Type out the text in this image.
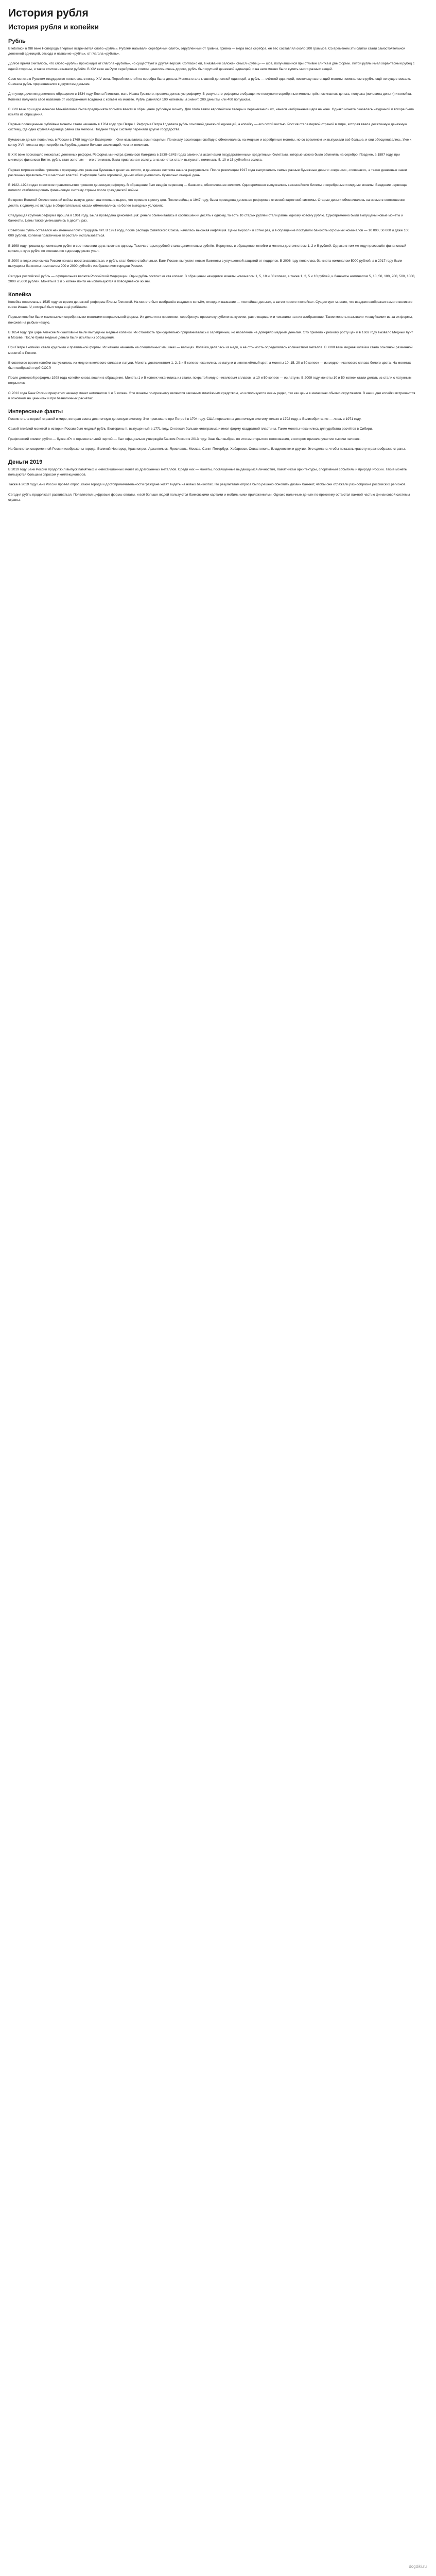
История рубля
История рубля и копейки
Рубль

В letописи в XIII веке Новгорода впервые встречается слово «рубль». Рублём называли серебряный слиток, отрубленный от гривны. Гривна — мера веса серебра, её вес составлял около 200 граммов. Со временем эти слитки стали самостоятельной денежной единицей, отсюда и название «рубль», от глагола «рубить».

Долгое время считалось, что слово «рубль» происходит от глагола «рубить», но существует и другая версия. Согласно ей, в названии заложен смысл «рубец» — шов, получавшийся при отливке слитка в две формы. Литой рубль имел характерный рубец с одной стороны, и такие слитки называли рублём. В XIV веке на Руси серебряные слитки ценились очень дорого, рубль был крупной денежной единицей, и на него можно было купить много разных вещей.

Своя монета в Русском государстве появилась в конце XIV века. Первой монетой из серебра была деньга. Монета стала главной денежной единицей, а рубль — счётной единицей, поскольку настоящий монеты номиналом в рубль ещё не существовало. Сначала рубль приравнивался к двумстам деньгам.

Для упорядочения денежного обращения в 1534 году Елена Глинская, мать Ивана Грозного, провела денежную реформу. В результате реформы в обращение поступили серебряные монеты трёх номиналов: деньга, полушка (половина деньги) и копейка. Копейка получила своё название от изображения всадника с копьём на монете. Рубль равнялся 100 копейкам, а значит, 200 деньгам или 400 полушкам.

В XVII веке при царе Алексее Михайловиче была предпринята попытка ввести в обращение рублёвую монету. Для этого взяли европейские талеры и перечеканили их, нанеся изображение царя на коне. Однако монета оказалась неудачной и вскоре была изъята из обращения.

Первые полноценные рублёвые монеты стали чеканить в 1704 году при Петре I. Реформа Петра I сделала рубль основной денежной единицей, а копейку — его сотой частью. Россия стала первой страной в мире, которая ввела десятичную денежную систему, где одна крупная единица равна ста мелким. Позднее такую систему переняли другие государства.

Бумажные деньги появились в России в 1769 году при Екатерине II. Они назывались ассигнациями. Поначалу ассигнации свободно обменивались на медные и серебряные монеты, но со временем их выпускали всё больше, и они обесценивались. Уже к концу XVIII века за один серебряный рубль давали больше ассигнаций, чем их номинал.

В XIX веке произошло несколько денежных реформ. Реформа министра финансов Канкрина в 1839–1843 годах заменила ассигнации государственными кредитными билетами, которые можно было обменять на серебро. Позднее, в 1897 году, при министре финансов Витте, рубль стал золотым — его стоимость была привязана к золоту, а на монетах стали выпускать номиналы 5, 10 и 15 рублей из золота.

Первая мировая война привела к прекращению размена бумажных денег на золото, и денежная система начала разрушаться. После революции 1917 года выпускались самые разные бумажные деньги: «керенки», «совзнаки», а также денежные знаки различных правительств и местных властей. Инфляция была огромной, деньги обесценивались буквально каждый день.

В 1922–1924 годах советское правительство провело денежную реформу. В обращение был введён червонец — банкнота, обеспеченная золотом. Одновременно выпускались казначейские билеты и серебряные и медные монеты. Введение червонца помогло стабилизировать финансовую систему страны после гражданской войны.

Во время Великой Отечественной войны выпуск денег значительно вырос, что привело к росту цен. После войны, в 1947 году, была проведена денежная реформа с отменой карточной системы. Старые деньги обменивались на новые в соотношении десять к одному, но вклады в сберегательных кассах обменивались на более выгодных условиях.

Следующая крупная реформа прошла в 1961 году. Была проведена деноминация: деньги обменивались в соотношении десять к одному, то есть 10 старых рублей стали равны одному новому рублю. Одновременно были выпущены новые монеты и банкноты. Цены также уменьшились в десять раз.

Советский рубль оставался неизменным почти тридцать лет. В 1991 году, после распада Советского Союза, началась высокая инфляция. Цены выросли в сотни раз, и в обращение поступили банкноты огромных номиналов — 10 000, 50 000 и даже 100 000 рублей. Копейки практически перестали использоваться.

В 1998 году прошла деноминация рубля в соотношении одна тысяча к одному. Тысяча старых рублей стала одним новым рублём. Вернулись в обращение копейки и монеты достоинством 1, 2 и 5 рублей. Однако в том же году произошёл финансовый кризис, и курс рубля по отношению к доллару резко упал.

В 2000-х годах экономика России начала восстанавливаться, и рубль стал более стабильным. Банк России выпустил новые банкноты с улучшенной защитой от подделок. В 2006 году появилась банкнота номиналом 5000 рублей, а в 2017 году были выпущены банкноты номиналом 200 и 2000 рублей с изображением городов России.

Сегодня российский рубль — официальная валюта Российской Федерации. Один рубль состоит из ста копеек. В обращении находятся монеты номиналом 1, 5, 10 и 50 копеек, а также 1, 2, 5 и 10 рублей, и банкноты номиналом 5, 10, 50, 100, 200, 500, 1000, 2000 и 5000 рублей. Монеты в 1 и 5 копеек почти не используются в повседневной жизни.

Копейка

Копейка появилась в 1535 году во время денежной реформы Елены Глинской. На монете был изображён всадник с копьём, отсюда и название — «копейная деньга», а затем просто «копейка». Существует мнение, что всадник изображал самого великого князя Ивана IV, который был тогда ещё ребёнком.

Первые копейки были маленькими серебряными монетами неправильной формы. Их делали из проволоки: серебряную проволоку рубили на кусочки, расплющивали и чеканили на них изображение. Такие монеты называли «чешуйками» из-за их формы, похожей на рыбью чешую.

В 1654 году при царе Алексее Михайловиче были выпущены медные копейки. Их стоимость принудительно приравнивалась к серебряным, но население не доверяло медным деньгам. Это привело к резкому росту цен и в 1662 году вызвало Медный бунт в Москве. После бунта медные деньги были изъяты из обращения.

При Петре I копейки стали круглыми и правильной формы. Их начали чеканить на специальных машинах — вальцах. Копейка делалась из меди, а её стоимость определялась количеством металла. В XVIII веке медная копейка стала основной разменной монетой в России.

В советское время копейки выпускались из медно-никелевого сплава и латуни. Монеты достоинством 1, 2, 3 и 5 копеек чеканились из латуни и имели жёлтый цвет, а монеты 10, 15, 20 и 50 копеек — из медно-никелевого сплава белого цвета. На монетах был изображён герб СССР.

После денежной реформы 1998 года копейки снова вошли в обращение. Монеты 1 и 5 копеек чеканились из стали, покрытой медно-никелевым сплавом, а 10 и 50 копеек — из латуни. В 2009 году монеты 10 и 50 копеек стали делать из стали с латунным покрытием.

С 2012 года Банк России прекратил чеканку монет номиналом 1 и 5 копеек. Эти монеты по-прежнему являются законным платёжным средством, но используются очень редко, так как цены в магазинах обычно округляются. В наши дни копейки встречаются в основном на ценниках и при безналичных расчётах.

Интересные факты

Россия стала первой страной в мире, которая ввела десятичную денежную систему. Это произошло при Петре I в 1704 году. США перешли на десятичную систему только в 1792 году, а Великобритания — лишь в 1971 году.

Самой тяжёлой монетой в истории России был медный рубль Екатерины II, выпущенный в 1771 году. Он весил больше килограмма и имел форму квадратной пластины. Такие монеты чеканились для удобства расчётов в Сибири.

Графический символ рубля — буква «Р» с горизонтальной чертой — был официально утверждён Банком России в 2013 году. Знак был выбран по итогам открытого голосования, в котором приняли участие тысячи человек.

На банкнотах современной России изображены города: Великий Новгород, Красноярск, Архангельск, Ярославль, Москва, Санкт-Петербург, Хабаровск, Севастополь, Владивосток и другие. Это сделано, чтобы показать красоту и разнообразие страны.

Деньги 2019

В 2019 году Банк России продолжил выпуск памятных и инвестиционных монет из драгоценных металлов. Среди них — монеты, посвящённые выдающимся личностям, памятникам архитектуры, спортивным событиям и природе России. Такие монеты пользуются большим спросом у коллекционеров.

Также в 2019 году Банк России провёл опрос, какие города и достопримечательности граждане хотят видеть на новых банкнотах. По результатам опроса было решено обновить дизайн банкнот, чтобы они отражали разнообразие российских регионов.

Сегодня рубль продолжает развиваться. Появляются цифровые формы оплаты, и всё больше людей пользуются банковскими картами и мобильными приложениями. Однако наличные деньги по-прежнему остаются важной частью финансовой системы страны.

dogdiki.ru
